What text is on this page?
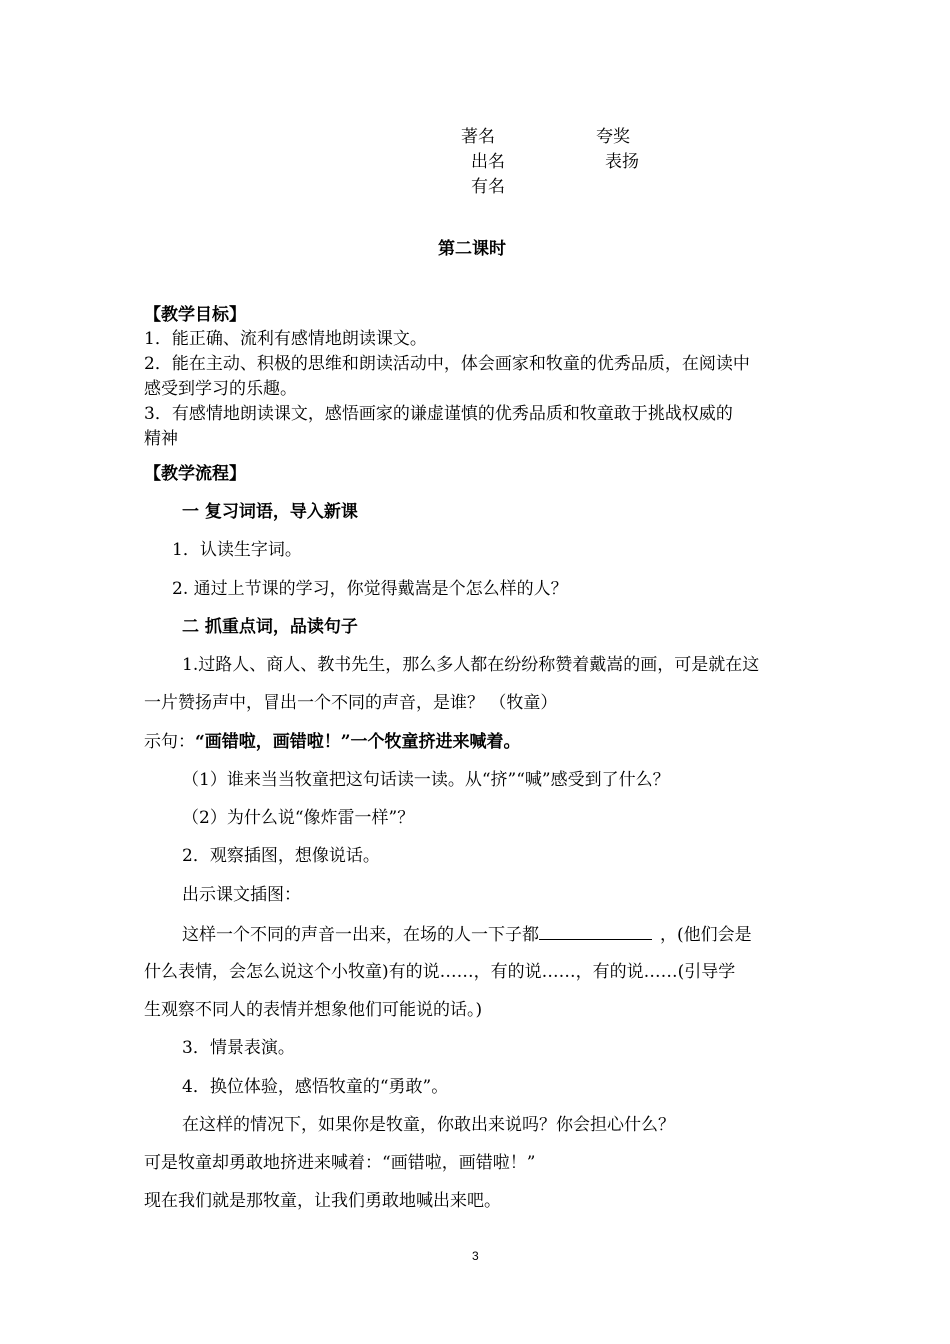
著名	夸奖
出名	表扬
有名
第二课时
【教学目标】
1．能正确、流利有感情地朗读课文。
2．能在主动、积极的思维和朗读活动中，体会画家和牧童的优秀品质，在阅读中
感受到学习的乐趣。
3．有感情地朗读课文，感悟画家的谦虚谨慎的优秀品质和牧童敢于挑战权威的
精神
【教学流程】
一 复习词语，导入新课
1．认读生字词。
2. 通过上节课的学习，你觉得戴嵩是个怎么样的人？
二 抓重点词，品读句子
1.过路人、商人、教书先生，那么多人都在纷纷称赞着戴嵩的画，可是就在这
一片赞扬声中，冒出一个不同的声音，是谁？ （牧童）
示句：“画错啦，画错啦！”一个牧童挤进来喊着。
（1）谁来当当牧童把这句话读一读。从“挤”“喊”感受到了什么？
（2）为什么说“像炸雷一样”？
2．观察插图，想像说话。
出示课文插图：
这样一个不同的声音一出来，在场的人一下子都	，(他们会是
什么表情，会怎么说这个小牧童)有的说……，有的说……，有的说……(引导学
生观察不同人的表情并想象他们可能说的话。)
3．情景表演。
4．换位体验，感悟牧童的“勇敢”。
在这样的情况下，如果你是牧童，你敢出来说吗？你会担心什么？
可是牧童却勇敢地挤进来喊着：“画错啦，画错啦！”
现在我们就是那牧童，让我们勇敢地喊出来吧。
3
